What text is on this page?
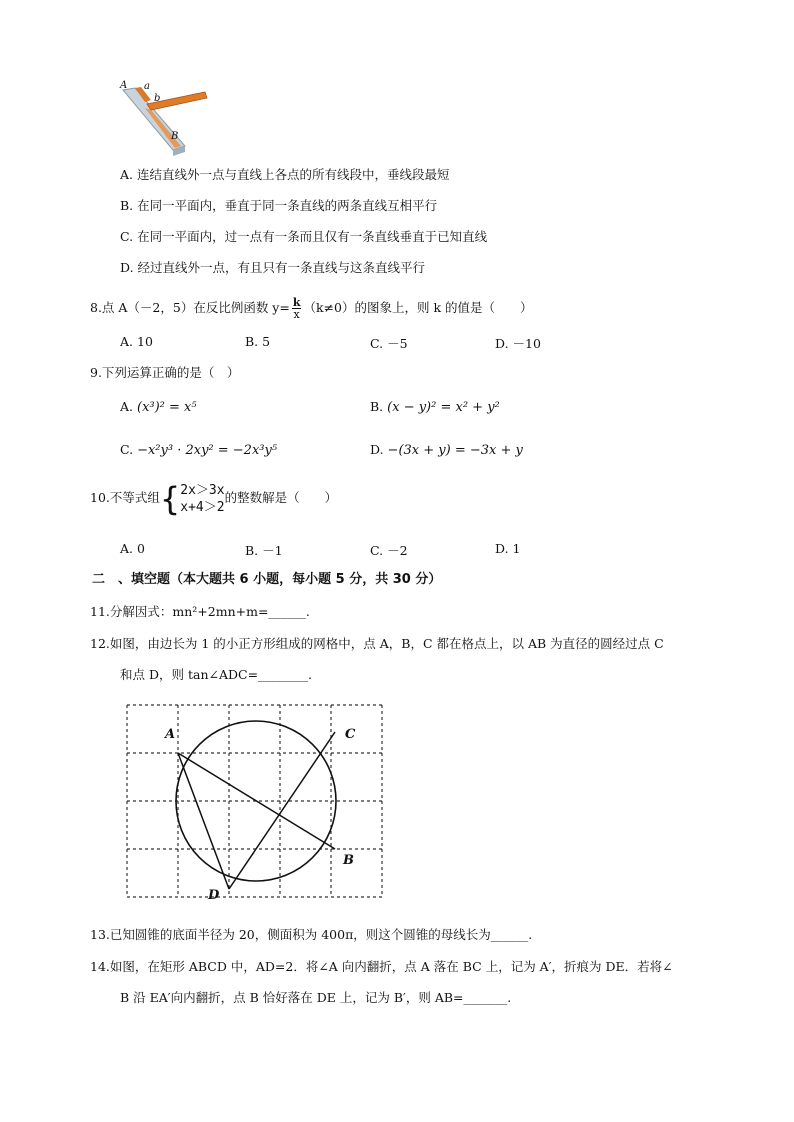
A a
b
B
A. 连结直线外一点与直线上各点的所有线段中，垂线段最短
B. 在同一平面内，垂直于同一条直线的两条直线互相平行
C. 在同一平面内，过一点有一条而且仅有一条直线垂直于已知直线
D. 经过直线外一点，有且只有一条直线与这条直线平行
8.点 A（－2，5）在反比例函数 $y= \frac{k}{x} (k\ne 0)$的图象上，则 k 的值是（　　）
A. 10	B. 5	C. －5	D. －10
9.下列运算正确的是（　）
A. (x³)² = x⁵	B. (x − y)² = x² + y²
C. −x²y³ · 2xy² = −2x³y⁵	D. −(3x + y) = −3x + y
10.不等式组{2x＞3x
x+4＞2的整数解是（　　）
A. 0	B. －1	C. －2	D. 1
二　、填空题（本大题共 6 小题，每小题 5 分，共 30 分）
11.分解因式：mn²+2mn+m=______.
12.如图，由边长为 1 的小正方形组成的网格中，点 A，B，C 都在格点上，以 AB 为直径的圆经过点 C
和点 D，则 tan∠ADC=________.
A	C
B
D
13.已知圆锥的底面半径为 20，侧面积为 400π，则这个圆锥的母线长为______.
14.如图，在矩形 ABCD 中，AD=2．将∠A 向内翻折，点 A 落在 BC 上，记为 A′，折痕为 DE．若将∠
B 沿 EA′向内翻折，点 B 恰好落在 DE 上，记为 B′，则 AB=_______.
